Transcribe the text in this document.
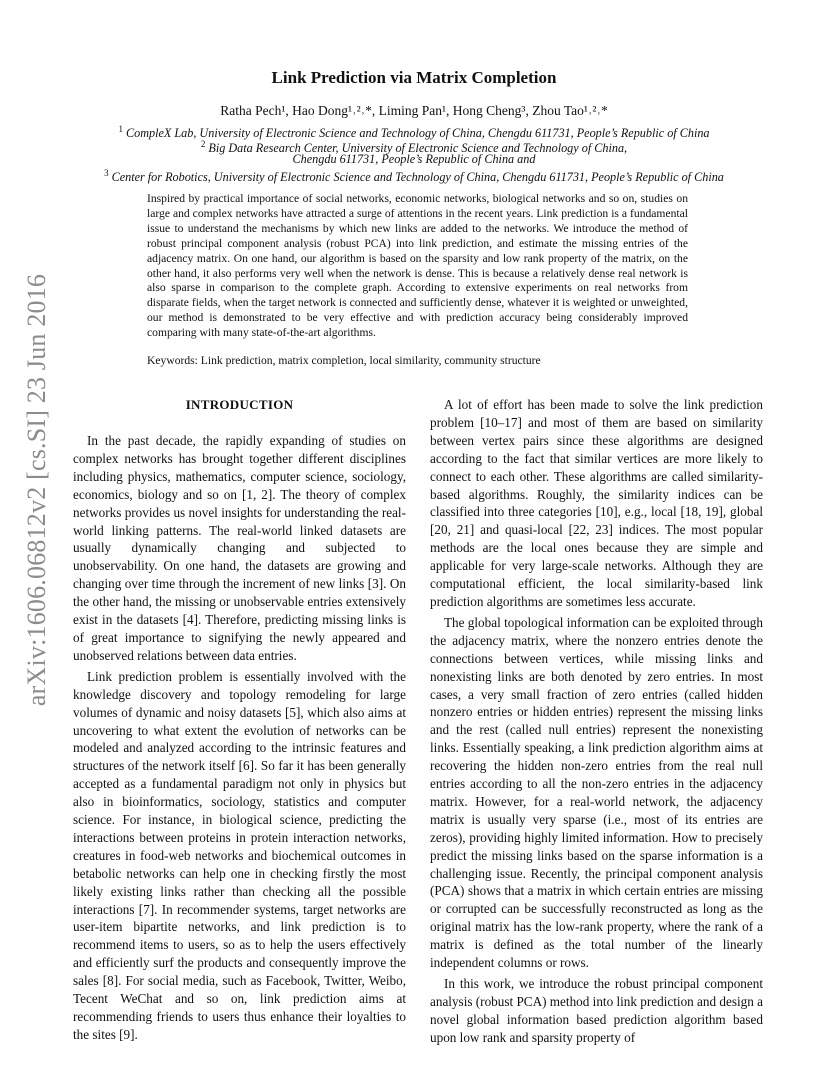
arXiv:1606.06812v2 [cs.SI] 23 Jun 2016
Link Prediction via Matrix Completion
Ratha Pech¹, Hao Dong¹˒²˒*, Liming Pan¹, Hong Cheng³, Zhou Tao¹˒²˒*
$^1$ CompleX Lab, University of Electronic Science and Technology of China, Chengdu 611731, People’s Republic of China
$^2$ Big Data Research Center, University of Electronic Science and Technology of China,
Chengdu 611731, People’s Republic of China and
$^3$ Center for Robotics, University of Electronic Science and Technology of China, Chengdu 611731, People’s Republic of China
Inspired by practical importance of social networks, economic networks, biological networks and so on, studies on large and complex networks have attracted a surge of attentions in the recent years. Link prediction is a fundamental issue to understand the mechanisms by which new links are added to the networks. We introduce the method of robust principal component analysis (robust PCA) into link prediction, and estimate the missing entries of the adjacency matrix. On one hand, our algorithm is based on the sparsity and low rank property of the matrix, on the other hand, it also performs very well when the network is dense. This is because a relatively dense real network is also sparse in comparison to the complete graph. According to extensive experiments on real networks from disparate fields, when the target network is connected and sufficiently dense, whatever it is weighted or unweighted, our method is demonstrated to be very effective and with prediction accuracy being considerably improved comparing with many state-of-the-art algorithms.
Keywords: Link prediction, matrix completion, local similarity, community structure
INTRODUCTION

In the past decade, the rapidly expanding of studies on complex networks has brought together different disciplines including physics, mathematics, computer science, sociology, economics, biology and so on [1, 2]. The theory of complex networks provides us novel insights for understanding the real-world linking patterns. The real-world linked datasets are usually dynamically changing and subjected to unobservability. On one hand, the datasets are growing and changing over time through the increment of new links [3]. On the other hand, the missing or unobservable entries extensively exist in the datasets [4]. Therefore, predicting missing links is of great importance to signifying the newly appeared and unobserved relations between data entries.

Link prediction problem is essentially involved with the knowledge discovery and topology remodeling for large volumes of dynamic and noisy datasets [5], which also aims at uncovering to what extent the evolution of networks can be modeled and analyzed according to the intrinsic features and structures of the network itself [6]. So far it has been generally accepted as a fundamental paradigm not only in physics but also in bioinformatics, sociology, statistics and computer science. For instance, in biological science, predicting the interactions between proteins in protein interaction networks, creatures in food-web networks and biochemical outcomes in betabolic networks can help one in checking firstly the most likely existing links rather than checking all the possible interactions [7]. In recommender systems, target networks are user-item bipartite networks, and link prediction is to recommend items to users, so as to help the users effectively and efficiently surf the products and consequently improve the sales [8]. For social media, such as Facebook, Twitter, Weibo, Tecent WeChat and so on, link prediction aims at recommending friends to users thus enhance their loyalties to the sites [9].

A lot of effort has been made to solve the link prediction problem [10–17] and most of them are based on similarity between vertex pairs since these algorithms are designed according to the fact that similar vertices are more likely to connect to each other. These algorithms are called similarity-based algorithms. Roughly, the similarity indices can be classified into three categories [10], e.g., local [18, 19], global [20, 21] and quasi-local [22, 23] indices. The most popular methods are the local ones because they are simple and applicable for very large-scale networks. Although they are computational efficient, the local similarity-based link prediction algorithms are sometimes less accurate.

The global topological information can be exploited through the adjacency matrix, where the nonzero entries denote the connections between vertices, while missing links and nonexisting links are both denoted by zero entries. In most cases, a very small fraction of zero entries (called hidden nonzero entries or hidden entries) represent the missing links and the rest (called null entries) represent the nonexisting links. Essentially speaking, a link prediction algorithm aims at recovering the hidden non-zero entries from the real null entries according to all the non-zero entries in the adjacency matrix. However, for a real-world network, the adjacency matrix is usually very sparse (i.e., most of its entries are zeros), providing highly limited information. How to precisely predict the missing links based on the sparse information is a challenging issue. Recently, the principal component analysis (PCA) shows that a matrix in which certain entries are missing or corrupted can be successfully reconstructed as long as the original matrix has the low-rank property, where the rank of a matrix is defined as the total number of the linearly independent columns or rows.

In this work, we introduce the robust principal component analysis (robust PCA) method into link prediction and design a novel global information based prediction algorithm based upon low rank and sparsity property of
